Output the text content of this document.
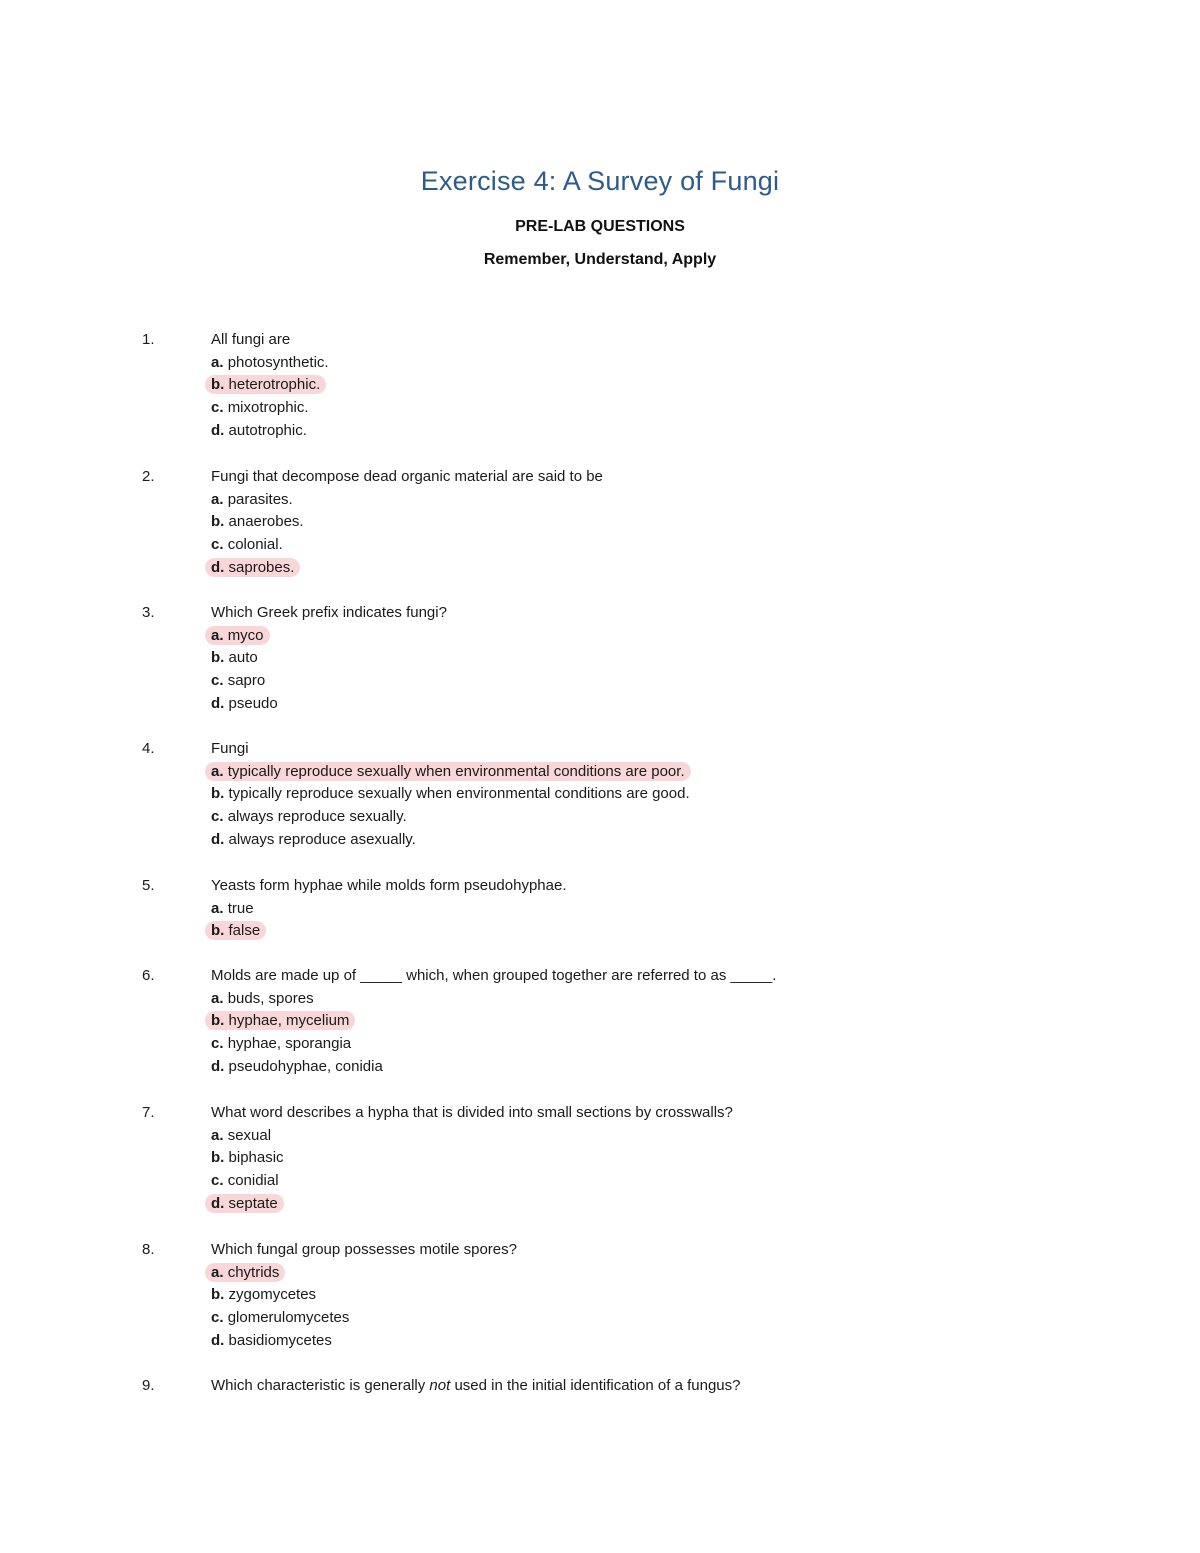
Exercise 4: A Survey of Fungi
PRE-LAB QUESTIONS
Remember, Understand, Apply
1.	All fungi are
a. photosynthetic.
b. heterotrophic.
c. mixotrophic.
d. autotrophic.
2.	Fungi that decompose dead organic material are said to be
a. parasites.
b. anaerobes.
c. colonial.
d. saprobes.
3.	Which Greek prefix indicates fungi?
a. myco
b. auto
c. sapro
d. pseudo
4.	Fungi
a. typically reproduce sexually when environmental conditions are poor.
b. typically reproduce sexually when environmental conditions are good.
c. always reproduce sexually.
d. always reproduce asexually.
5.	Yeasts form hyphae while molds form pseudohyphae.
a. true
b. false
6.	Molds are made up of _____ which, when grouped together are referred to as _____.
a. buds, spores
b. hyphae, mycelium
c. hyphae, sporangia
d. pseudohyphae, conidia
7.	What word describes a hypha that is divided into small sections by crosswalls?
a. sexual
b. biphasic
c. conidial
d. septate
8.	Which fungal group possesses motile spores?
a. chytrids
b. zygomycetes
c. glomerulomycetes
d. basidiomycetes
9.	Which characteristic is generally not used in the initial identification of a fungus?
